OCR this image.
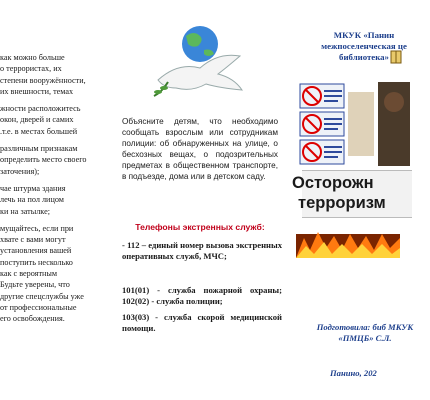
как можно больше

о террористах, их

степени вооружённости,

их внешности, темах

жности расположитесь

окон, дверей и самих

.т.е. в местах большей

различным признакам

определить место своего

заточения);

чае штурма здания

лечь на пол лицом

ки на затылке;

мущайтесь, если при

хвате с вами могут

установления вашей

поступить несколько

как с вероятным

Будьте уверены, что

другие спецслужбы уже

от профессиональные

его освобождения.

Объясните детям, что необходимо сообщать взрослым или сотрудникам полиции: об обнаруженных на улице, о бесхозных вещах, о подозрительных предметах в общественном транспорте, в подъезде, дома или в детском саду.

Телефоны экстренных служб:

- 112 – единый номер вызова экстренных оперативных служб, МЧС;

101(01) - служба пожарной охраны; 102(02) - служба полиции;

103(03) - служба скорой медицинской помощи.

МКУК «Панин межпоселенческая це библиотека»

Осторожн

терроризм

Подготовила: биб МКУК «ПМЦБ» С.Л.

Панино, 202
